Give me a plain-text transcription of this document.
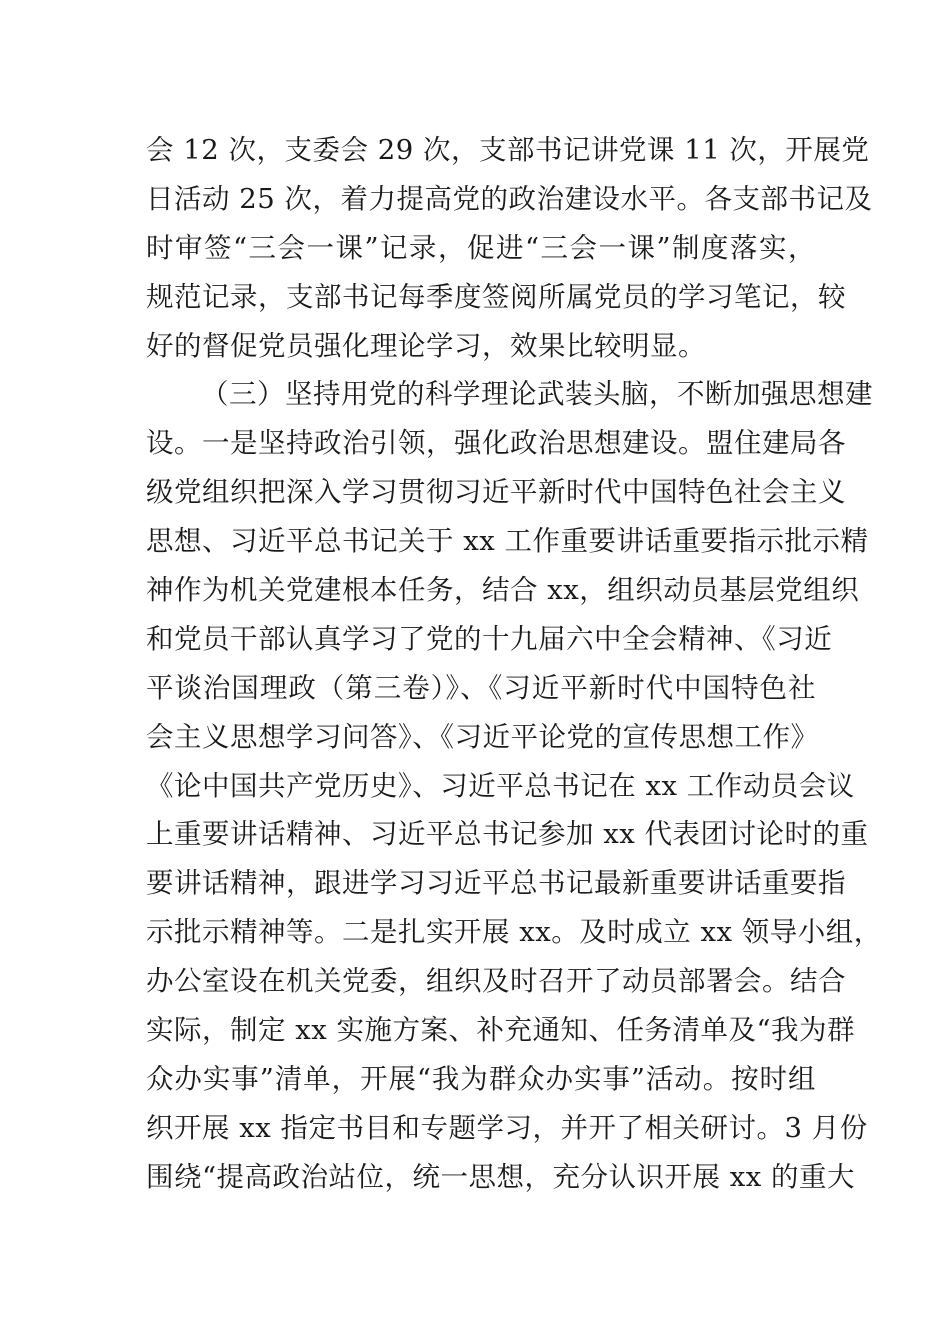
会 12 次，支委会 29 次，支部书记讲党课 11 次，开展党
日活动 25 次，着力提高党的政治建设水平。各支部书记及
时审签“三会一课”记录，促进“三会一课”制度落实，
规范记录，支部书记每季度签阅所属党员的学习笔记，较
好的督促党员强化理论学习，效果比较明显。
（三）坚持用党的科学理论武装头脑，不断加强思想建
设。一是坚持政治引领，强化政治思想建设。盟住建局各
级党组织把深入学习贯彻习近平新时代中国特色社会主义
思想、习近平总书记关于 xx 工作重要讲话重要指示批示精
神作为机关党建根本任务，结合 xx，组织动员基层党组织
和党员干部认真学习了党的十九届六中全会精神、《习近
平谈治国理政（第三卷）》、《习近平新时代中国特色社
会主义思想学习问答》、《习近平论党的宣传思想工作》
《论中国共产党历史》、习近平总书记在 xx 工作动员会议
上重要讲话精神、习近平总书记参加 xx 代表团讨论时的重
要讲话精神，跟进学习习近平总书记最新重要讲话重要指
示批示精神等。二是扎实开展 xx。及时成立 xx 领导小组，
办公室设在机关党委，组织及时召开了动员部署会。结合
实际，制定 xx 实施方案、补充通知、任务清单及“我为群
众办实事”清单，开展“我为群众办实事”活动。按时组
织开展 xx 指定书目和专题学习，并开了相关研讨。3 月份
围绕“提高政治站位，统一思想，充分认识开展 xx 的重大
